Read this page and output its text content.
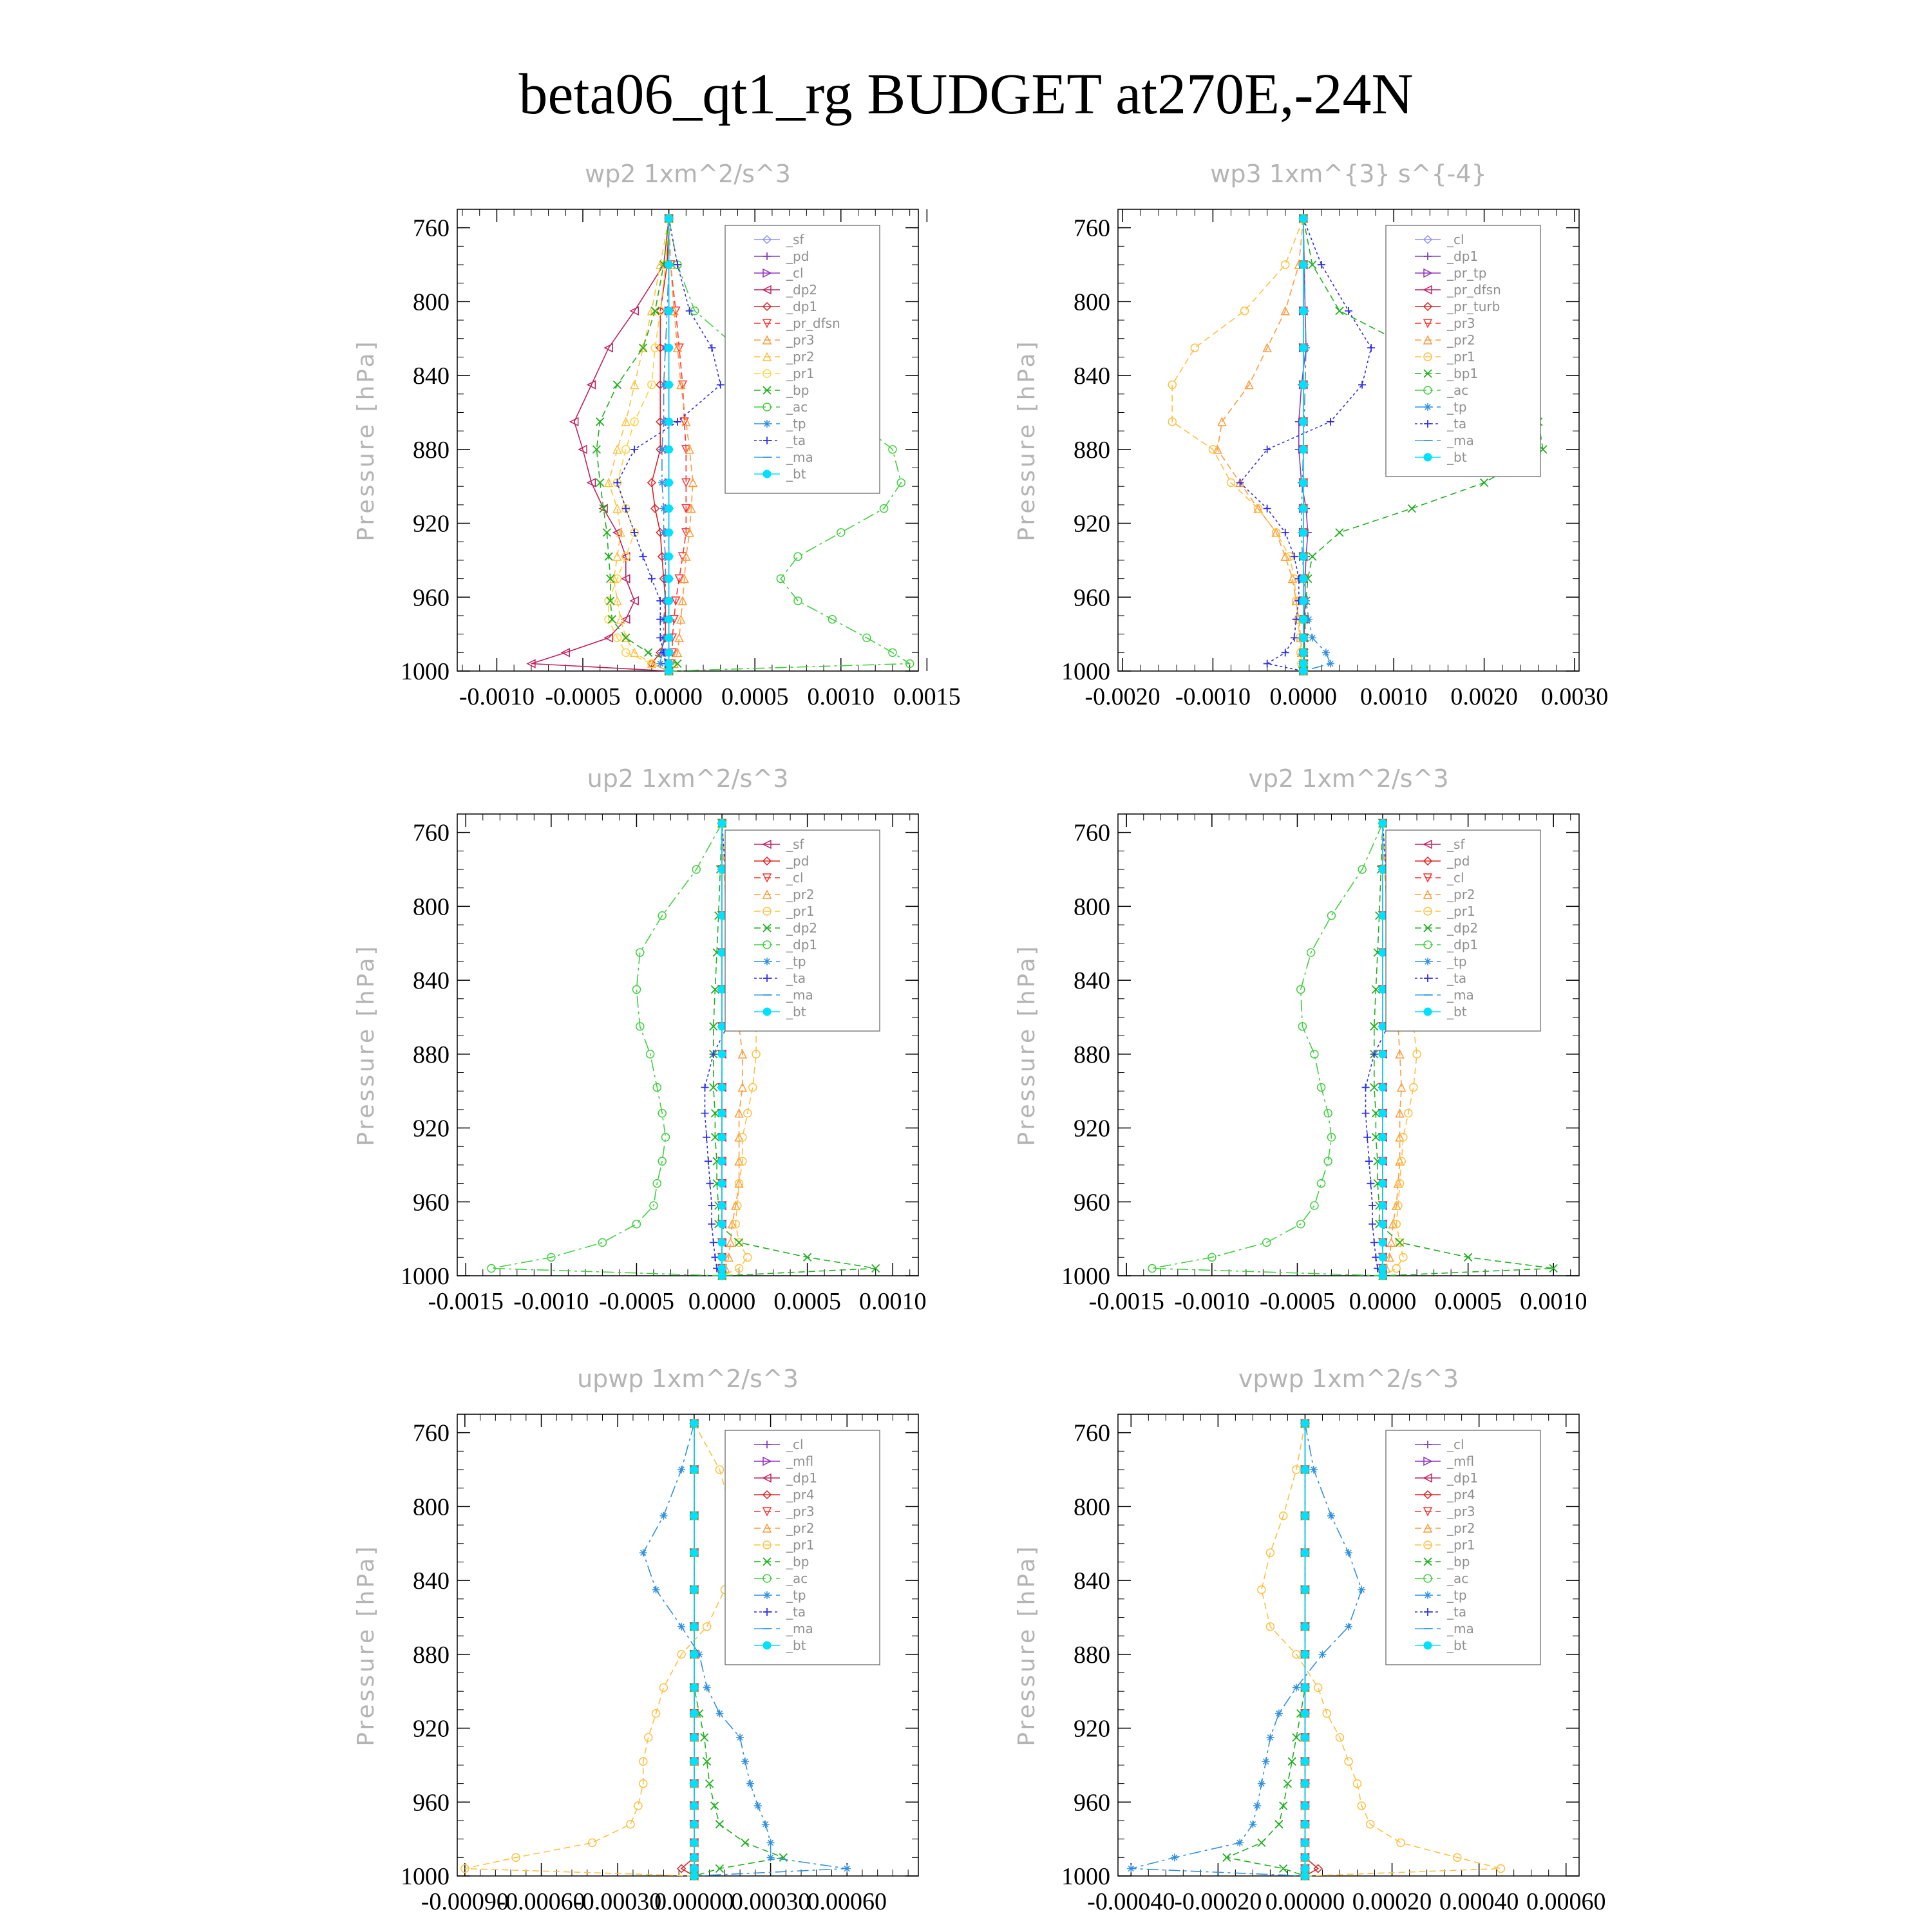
beta06_qt1_rg BUDGET at270E,-24N
wp2 1xm^2/s^3
Pressure [hPa]
760
800
840
880
920
960
1000
-0.0010 -0.0005 0.0000 0.0005 0.0010 0.0015
_sf
_pd
_cl
_dp2
_dp1
_pr_dfsn
_pr3
_pr2
_pr1
_bp
_ac
_tp
_ta
_ma
_bt
wp3 1xm^{3} s^{-4}
Pressure [hPa]
760
800
840
880
920
960
1000
-0.0020 -0.0010 0.0000 0.0010 0.0020 0.0030
_cl
_dp1
_pr_tp
_pr_dfsn
_pr_turb
_pr3
_pr2
_pr1
_bp1
_ac
_tp
_ta
_ma
_bt
up2 1xm^2/s^3
Pressure [hPa]
760
800
840
880
920
960
1000
-0.0015 -0.0010 -0.0005 0.0000 0.0005 0.0010
_sf
_pd
_cl
_pr2
_pr1
_dp2
_dp1
_tp
_ta
_ma
_bt
vp2 1xm^2/s^3
Pressure [hPa]
760
800
840
880
920
960
1000
-0.0015 -0.0010 -0.0005 0.0000 0.0005 0.0010
_sf
_pd
_cl
_pr2
_pr1
_dp2
_dp1
_tp
_ta
_ma
_bt
upwp 1xm^2/s^3
Pressure [hPa]
760
800
840
880
920
960
1000
-0.00090
-0.00060
-0.00030
0.00000
0.00030
0.00060
_cl
_mfl
_dp1
_pr4
_pr3
_pr2
_pr1
_bp
_ac
_tp
_ta
_ma
_bt
vpwp 1xm^2/s^3
Pressure [hPa]
760
800
840
880
920
960
1000
-0.00040
-0.00020 0.00000 0.00020 0.00040 0.00060
_cl
_mfl
_dp1
_pr4
_pr3
_pr2
_pr1
_bp
_ac
_tp
_ta
_ma
_bt
